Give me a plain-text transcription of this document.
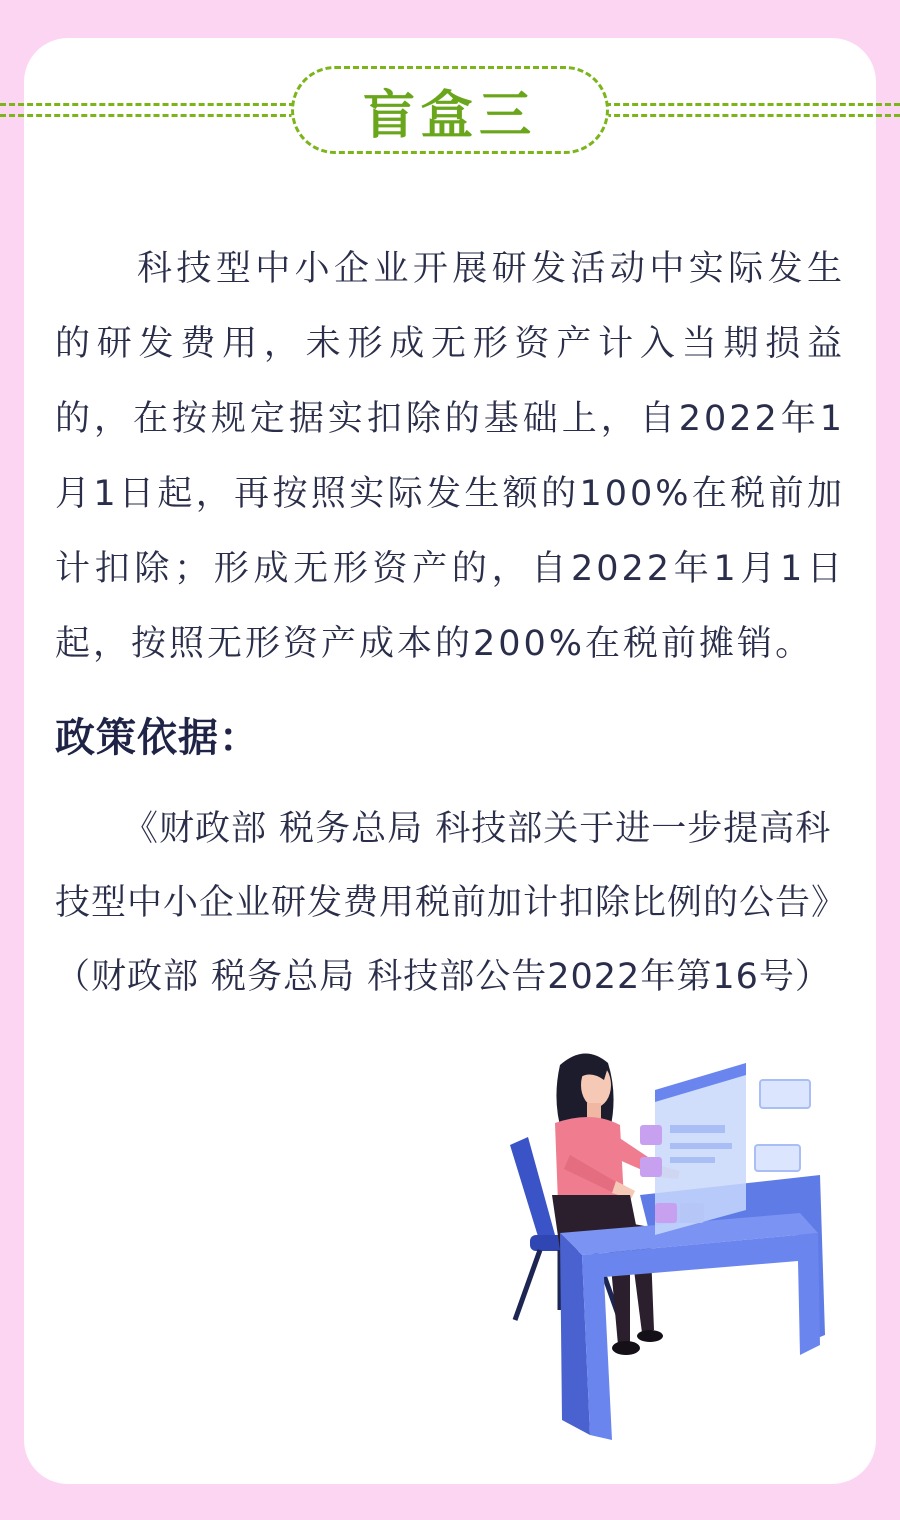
盲盒三

科技型中小企业开展研发活动中实际发生的研发费用，未形成无形资产计入当期损益的，在按规定据实扣除的基础上，自2022年1月1日起，再按照实际发生额的100%在税前加计扣除；形成无形资产的，自2022年1月1日起，按照无形资产成本的200%在税前摊销。

政策依据：

《财政部 税务总局 科技部关于进一步提高科技型中小企业研发费用税前加计扣除比例的公告》（财政部 税务总局 科技部公告2022年第16号）
